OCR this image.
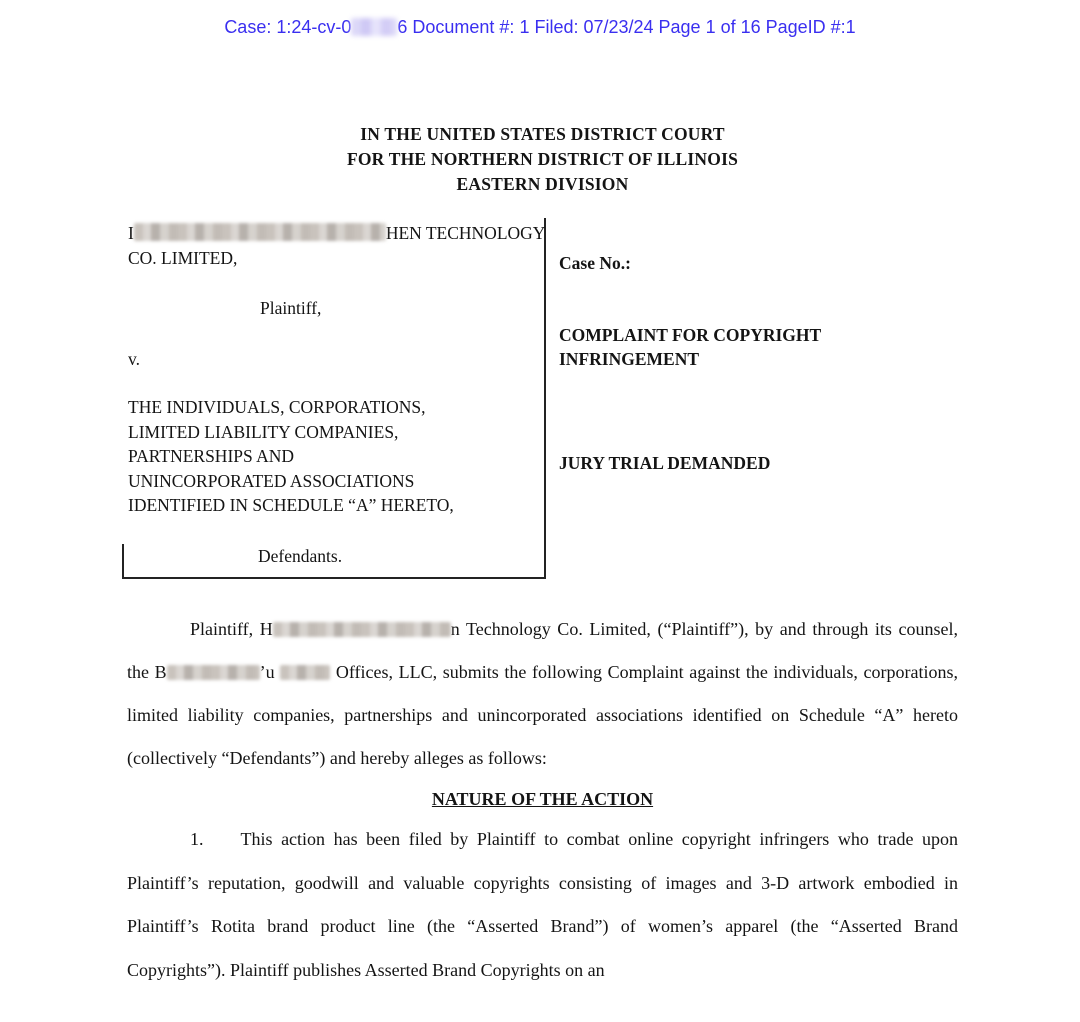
Case: 1:24-cv-0	6 Document #: 1 Filed: 07/23/24 Page 1 of 16 PageID #:1
IN THE UNITED STATES DISTRICT COURT
FOR THE NORTHERN DISTRICT OF ILLINOIS
EASTERN DIVISION
I	HEN TECHNOLOGY
CO. LIMITED,
Plaintiff,
v.
THE INDIVIDUALS, CORPORATIONS,
LIMITED LIABILITY COMPANIES,
PARTNERSHIPS AND
UNINCORPORATED ASSOCIATIONS
IDENTIFIED IN SCHEDULE “A” HERETO,
Defendants.
Case No.:
COMPLAINT FOR COPYRIGHT
INFRINGEMENT
JURY TRIAL DEMANDED
Plaintiff, H	n Technology Co. Limited, (“Plaintiff”), by and through its counsel, the B	’u	Offices, LLC, submits the following Complaint against the individuals, corporations, limited liability companies, partnerships and unincorporated associations identified on Schedule “A” hereto (collectively “Defendants”) and hereby alleges as follows:
NATURE OF THE ACTION
1. This action has been filed by Plaintiff to combat online copyright infringers who trade upon Plaintiff’s reputation, goodwill and valuable copyrights consisting of images and 3-D artwork embodied in Plaintiff’s Rotita brand product line (the “Asserted Brand”) of women’s apparel (the “Asserted Brand Copyrights”). Plaintiff publishes Asserted Brand Copyrights on an
